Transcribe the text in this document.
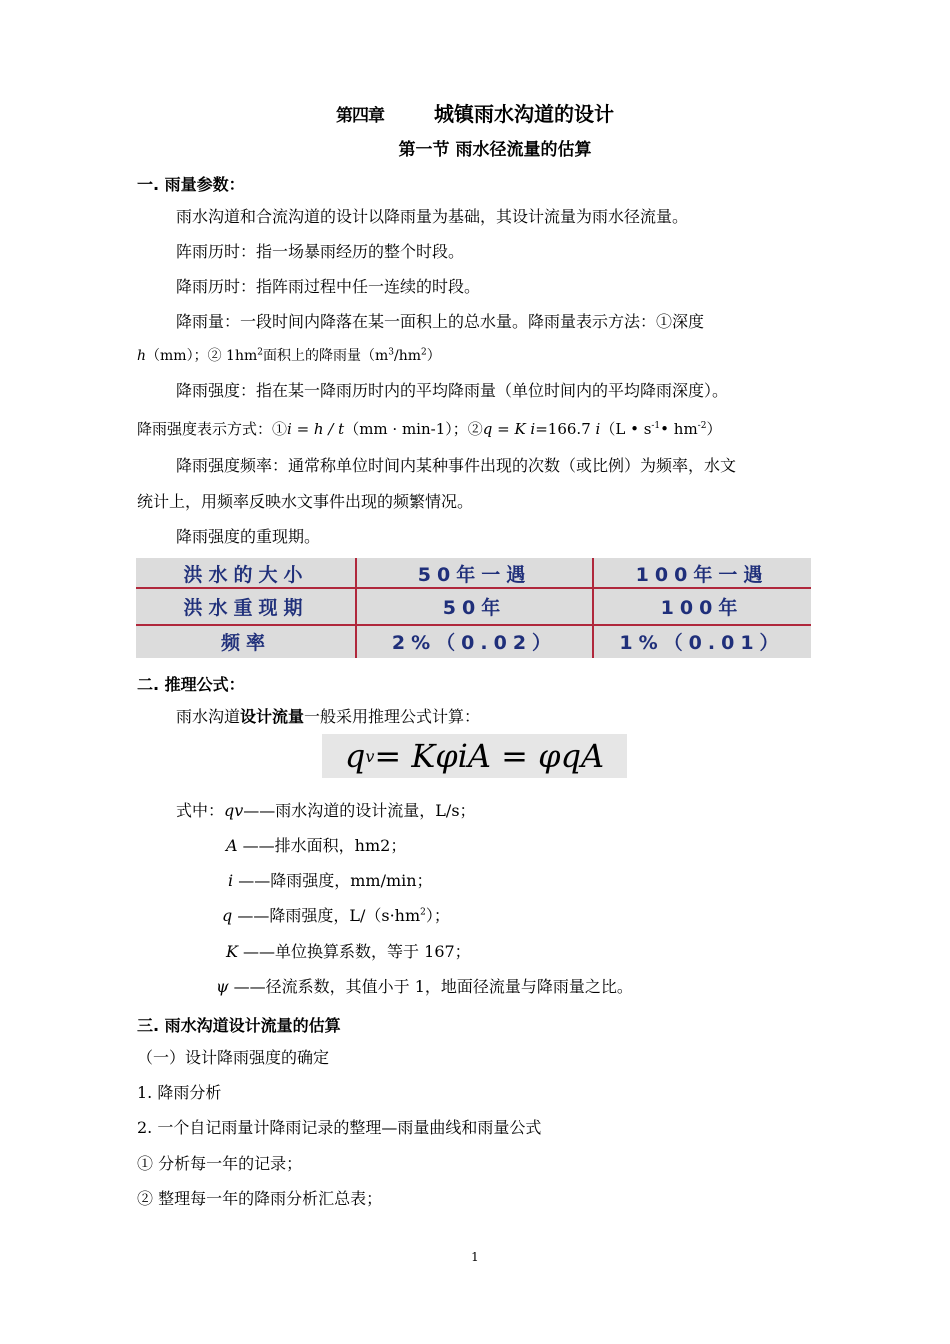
第四章	城镇雨水沟道的设计
第一节 雨水径流量的估算
一. 雨量参数：
雨水沟道和合流沟道的设计以降雨量为基础，其设计流量为雨水径流量。
阵雨历时：指一场暴雨经历的整个时段。
降雨历时：指阵雨过程中任一连续的时段。
降雨量：一段时间内降落在某一面积上的总水量。降雨量表示方法：①深度
h（mm）；② $1hm^2$面积上的降雨量$(m^3/hm^2)$
降雨强度：指在某一降雨历时内的平均降雨量（单位时间内的平均降雨深度）。
降雨强度表示方式：①i = h / t（mm · min-1）；②q = K i=166.7 i（L • $s^{-1}•$ $hm^{-2}$）
降雨强度频率：通常称单位时间内某种事件出现的次数（或比例）为频率，水文
统计上，用频率反映水文事件出现的频繁情况。
降雨强度的重现期。
洪水的大小	50年一遇	100年一遇
洪水重现期	50年	100年
频率	2%（0.02）	1%（0.01）
二. 推理公式：
雨水沟道设计流量一般采用推理公式计算：
q v = KφiA = φqA
式中：qv——雨水沟道的设计流量，L/s；
A ——排水面积，hm2；
i ——降雨强度，mm/min；
q ——降雨强度，$L/(s\cdot hm^2)$；
K ——单位换算系数，等于 167；
ψ ——径流系数，其值小于 1，地面径流量与降雨量之比。
三. 雨水沟道设计流量的估算
（一）设计降雨强度的确定
1. 降雨分析
2. 一个自记雨量计降雨记录的整理—雨量曲线和雨量公式
① 分析每一年的记录；
② 整理每一年的降雨分析汇总表；
1
